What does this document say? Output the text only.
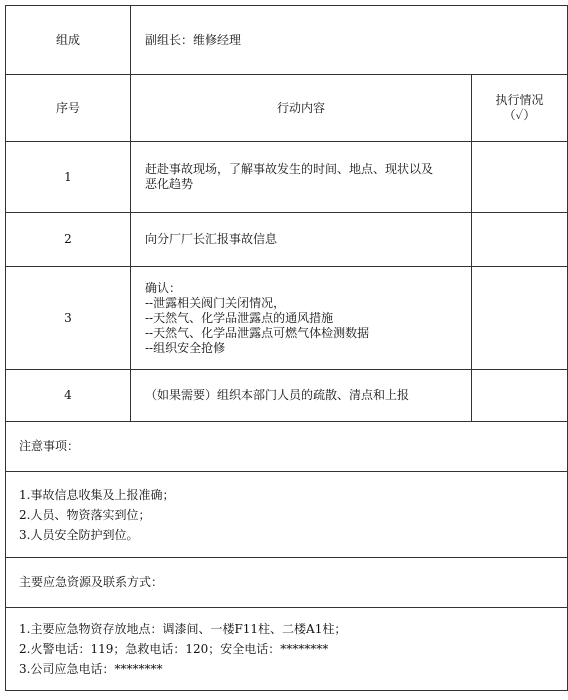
组成	副组长：维修经理	
序号	行动内容	执行情况
（✓）

1	赶赴事故现场，了解事故发生的时间、地点、现状以及
恶化趋势	

2	向分厂厂长汇报事故信息	

3	确认：
--泄露相关阀门关闭情况，
--天然气、化学品泄露点的通风措施
--天然气、化学品泄露点可燃气体检测数据
--组织安全抢修	

4	（如果需要）组织本部门人员的疏散、清点和上报	

注意事项：		

1.事故信息收集及上报准确；
2.人员、物资落实到位；
3.人员安全防护到位。		

主要应急资源及联系方式：		

1.主要应急物资存放地点：调漆间、一楼F11柱、二楼A1柱；
2.火警电话：119；急救电话：120；安全电话：********
3.公司应急电话：********		
